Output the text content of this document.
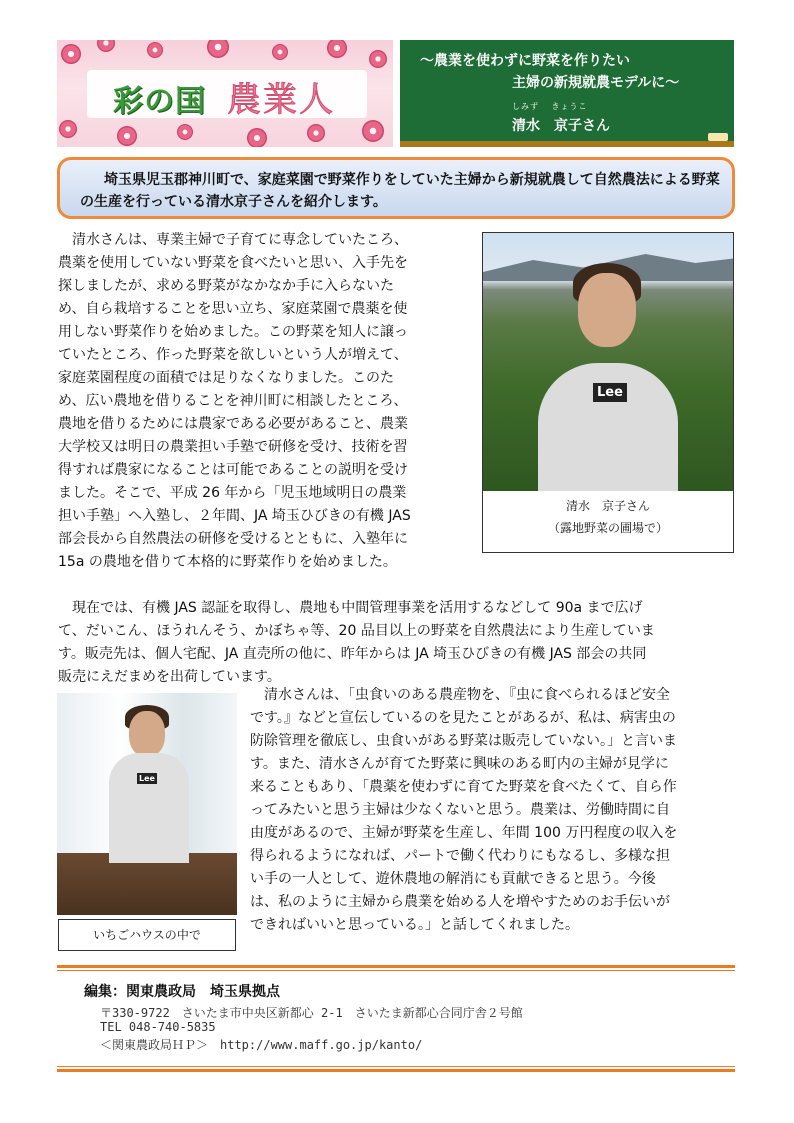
彩の国 農業人
～農業を使わずに野菜を作りたい
主婦の新規就農モデルに～
しみず　 きょうこ
清水　京子さん
埼玉県児玉郡神川町で、家庭菜園で野菜作りをしていた主婦から新規就農して自然農法による野菜の生産を行っている清水京子さんを紹介します。
　清水さんは、専業主婦で子育てに専念していたころ、
農薬を使用していない野菜を食べたいと思い、入手先を
探しましたが、求める野菜がなかなか手に入らないた
め、自ら栽培することを思い立ち、家庭菜園で農薬を使
用しない野菜作りを始めました。この野菜を知人に譲っ
ていたところ、作った野菜を欲しいという人が増えて、
家庭菜園程度の面積では足りなくなりました。このた
め、広い農地を借りることを神川町に相談したところ、
農地を借りるためには農家である必要があること、農業
大学校又は明日の農業担い手塾で研修を受け、技術を習
得すれば農家になることは可能であることの説明を受け
ました。そこで、平成 26 年から「児玉地域明日の農業
担い手塾」へ入塾し、２年間、JA 埼玉ひびきの有機 JAS
部会長から自然農法の研修を受けるとともに、入塾年に
15a の農地を借りて本格的に野菜作りを始めました。
Lee
清水　京子さん
（露地野菜の圃場で）
　現在では、有機 JAS 認証を取得し、農地も中間管理事業を活用するなどして 90a まで広げ
て、だいこん、ほうれんそう、かぼちゃ等、20 品目以上の野菜を自然農法により生産していま
す。販売先は、個人宅配、JA 直売所の他に、昨年からは JA 埼玉ひびきの有機 JAS 部会の共同
販売にえだまめを出荷しています。
Lee
いちごハウスの中で
　清水さんは、「虫食いのある農産物を、『虫に食べられるほど安全
です。』などと宣伝しているのを見たことがあるが、私は、病害虫の
防除管理を徹底し、虫食いがある野菜は販売していない。」と言いま
す。また、清水さんが育てた野菜に興味のある町内の主婦が見学に
来ることもあり、「農薬を使わずに育てた野菜を食べたくて、自ら作
ってみたいと思う主婦は少なくないと思う。農業は、労働時間に自
由度があるので、主婦が野菜を生産し、年間 100 万円程度の収入を
得られるようになれば、パートで働く代わりにもなるし、多様な担
い手の一人として、遊休農地の解消にも貢献できると思う。今後
は、私のように主婦から農業を始める人を増やすためのお手伝いが
できればいいと思っている。」と話してくれました。
編集：関東農政局　埼玉県拠点
〒330-9722　さいたま市中央区新都心 2-1　さいたま新都心合同庁舎２号館
TEL 048-740-5835
＜関東農政局ＨＰ＞　http://www.maff.go.jp/kanto/
